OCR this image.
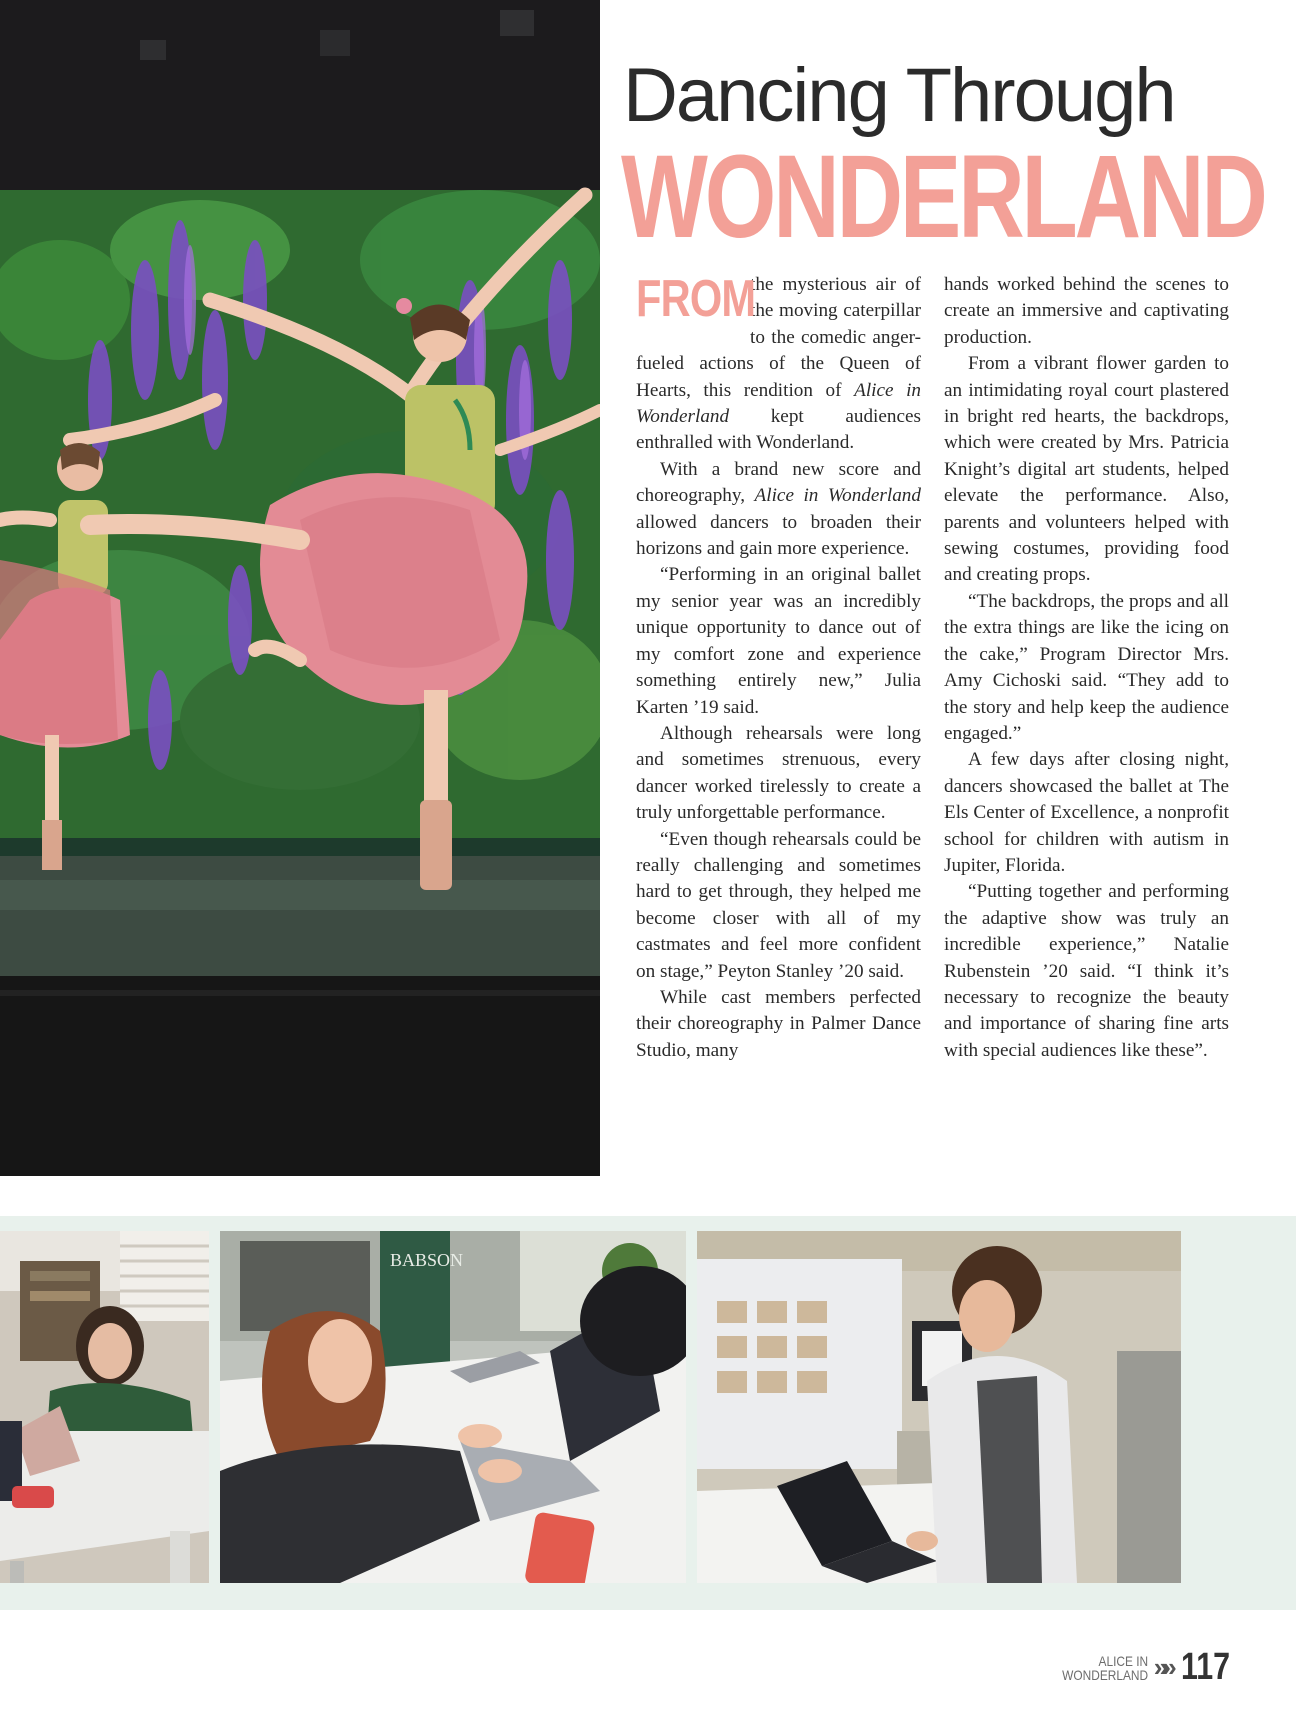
Dancing Through
WONDERLAND

FROM
the mysterious air of the moving caterpillar to the comedic anger-fueled actions of the Queen of Hearts, this rendition of Alice in Wonderland kept audiences enthralled with Wonderland.

With a brand new score and choreography, Alice in Wonderland allowed dancers to broaden their horizons and gain more experience.

“Performing in an original ballet my senior year was an incredibly unique opportunity to dance out of my comfort zone and experience something entirely new,” Julia Karten ’19 said.

Although rehearsals were long and sometimes strenuous, every dancer worked tirelessly to create a truly unforgettable performance.

“Even though rehearsals could be really challenging and sometimes hard to get through, they helped me become closer with all of my castmates and feel more confident on stage,” Peyton Stanley ’20 said.

While cast members perfected their choreography in Palmer Dance Studio, many

hands worked behind the scenes to create an immersive and captivating production.

From a vibrant flower garden to an intimidating royal court plastered in bright red hearts, the backdrops, which were created by Mrs. Patricia Knight’s digital art students, helped elevate the performance. Also, parents and volunteers helped with sewing costumes, providing food and creating props.

“The backdrops, the props and all the extra things are like the icing on the cake,” Program Director Mrs. Amy Cichoski said. “They add to the story and help keep the audience engaged.”

A few days after closing night, dancers showcased the ballet at The Els Center of Excellence, a nonprofit school for children with autism in Jupiter, Florida.

“Putting together and performing the adaptive show was truly an incredible experience,” Natalie Rubenstein ’20 said. “I think it’s necessary to recognize the beauty and importance of sharing fine arts with special audiences like these”.

BABSON
ALICE IN
WONDERLAND »» 117
